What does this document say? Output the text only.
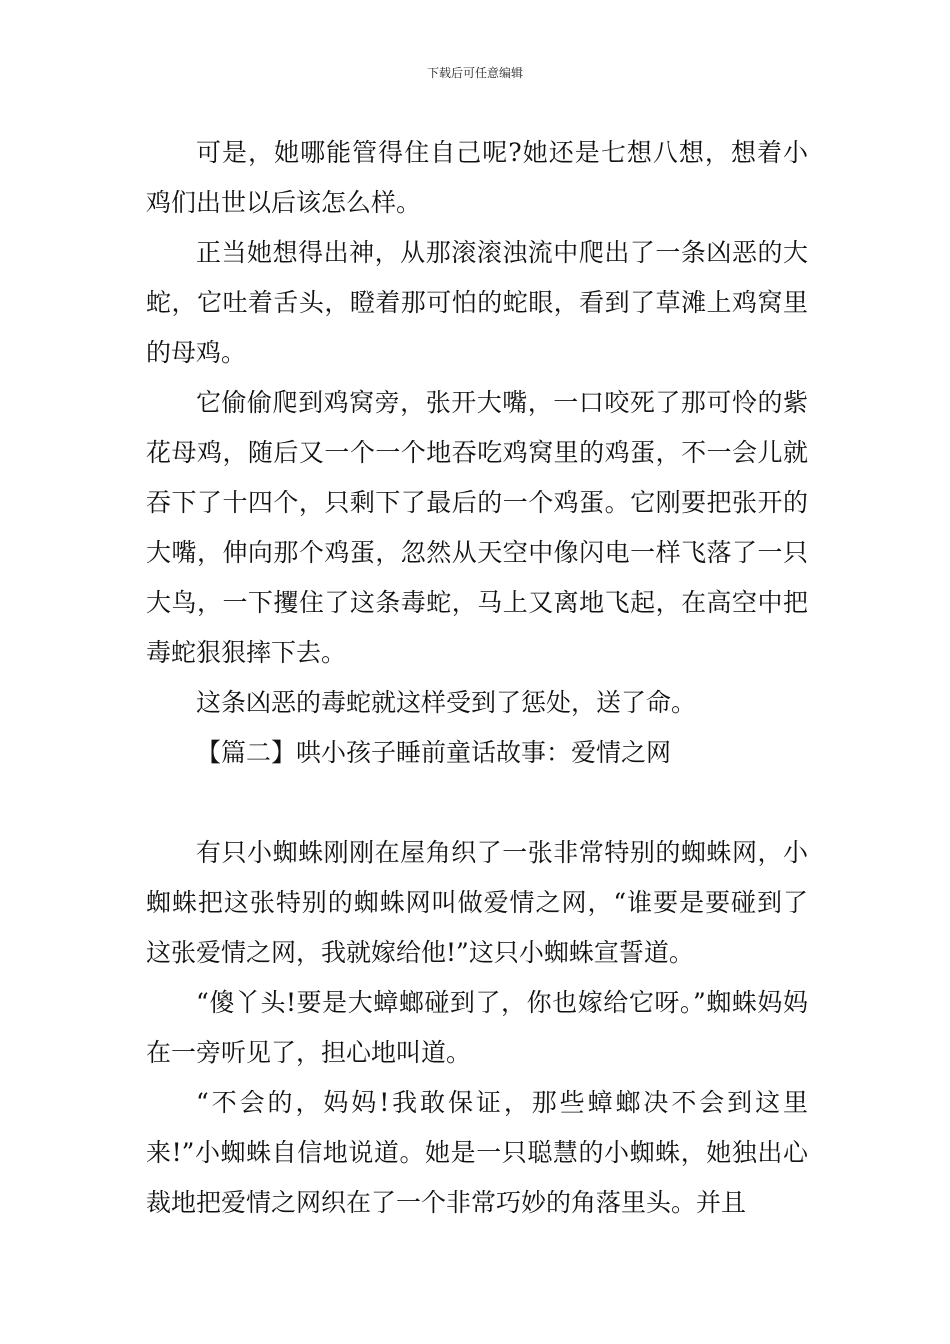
下载后可任意编辑

可是，她哪能管得住自己呢?她还是七想八想，想着小鸡们出世以后该怎么样。

正当她想得出神，从那滚滚浊流中爬出了一条凶恶的大蛇，它吐着舌头，瞪着那可怕的蛇眼，看到了草滩上鸡窝里的母鸡。

它偷偷爬到鸡窝旁，张开大嘴，一口咬死了那可怜的紫花母鸡，随后又一个一个地吞吃鸡窝里的鸡蛋，不一会儿就吞下了十四个，只剩下了最后的一个鸡蛋。它刚要把张开的大嘴，伸向那个鸡蛋，忽然从天空中像闪电一样飞落了一只大鸟，一下攫住了这条毒蛇，马上又离地飞起，在高空中把毒蛇狠狠摔下去。

这条凶恶的毒蛇就这样受到了惩处，送了命。

【篇二】哄小孩子睡前童话故事：爱情之网

有只小蜘蛛刚刚在屋角织了一张非常特别的蜘蛛网，小蜘蛛把这张特别的蜘蛛网叫做爱情之网，“谁要是要碰到了这张爱情之网，我就嫁给他!”这只小蜘蛛宣誓道。

“傻丫头!要是大蟑螂碰到了，你也嫁给它呀。”蜘蛛妈妈在一旁听见了，担心地叫道。

“不会的，妈妈!我敢保证，那些蟑螂决不会到这里来!”小蜘蛛自信地说道。她是一只聪慧的小蜘蛛，她独出心裁地把爱情之网织在了一个非常巧妙的角落里头。并且
